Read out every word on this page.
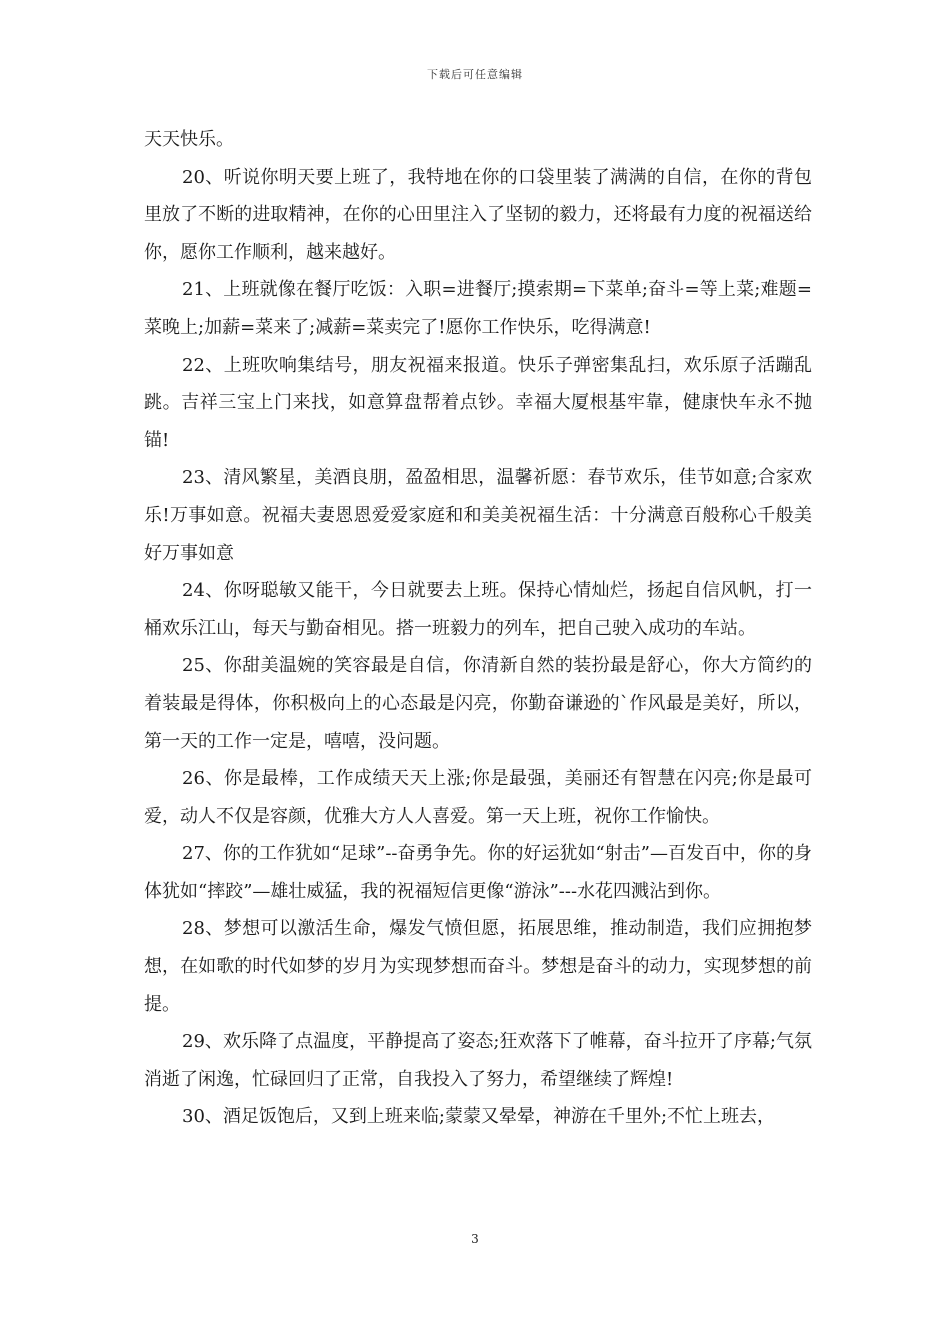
下载后可任意编辑

天天快乐。

20、听说你明天要上班了，我特地在你的口袋里装了满满的自信，在你的背包里放了不断的进取精神，在你的心田里注入了坚韧的毅力，还将最有力度的祝福送给你，愿你工作顺利，越来越好。

21、上班就像在餐厅吃饭：入职=进餐厅;摸索期=下菜单;奋斗=等上菜;难题=菜晚上;加薪=菜来了;减薪=菜卖完了!愿你工作快乐，吃得满意!

22、上班吹响集结号，朋友祝福来报道。快乐子弹密集乱扫，欢乐原子活蹦乱跳。吉祥三宝上门来找，如意算盘帮着点钞。幸福大厦根基牢靠，健康快车永不抛锚!

23、清风繁星，美酒良朋，盈盈相思，温馨祈愿：春节欢乐，佳节如意;合家欢乐!万事如意。祝福夫妻恩恩爱爱家庭和和美美祝福生活：十分满意百般称心千般美好万事如意

24、你呀聪敏又能干，今日就要去上班。保持心情灿烂，扬起自信风帆，打一桶欢乐江山，每天与勤奋相见。搭一班毅力的列车，把自己驶入成功的车站。

25、你甜美温婉的笑容最是自信，你清新自然的装扮最是舒心，你大方简约的着装最是得体，你积极向上的心态最是闪亮，你勤奋谦逊的`作风最是美好，所以，第一天的工作一定是，嘻嘻，没问题。

26、你是最棒，工作成绩天天上涨;你是最强，美丽还有智慧在闪亮;你是最可爱，动人不仅是容颜，优雅大方人人喜爱。第一天上班，祝你工作愉快。

27、你的工作犹如“足球”--奋勇争先。你的好运犹如“射击”—百发百中，你的身体犹如“摔跤”—雄壮威猛，我的祝福短信更像“游泳”---水花四溅沾到你。

28、梦想可以激活生命，爆发气愤但愿，拓展思维，推动制造，我们应拥抱梦想，在如歌的时代如梦的岁月为实现梦想而奋斗。梦想是奋斗的动力，实现梦想的前提。

29、欢乐降了点温度，平静提高了姿态;狂欢落下了帷幕，奋斗拉开了序幕;气氛消逝了闲逸，忙碌回归了正常，自我投入了努力，希望继续了辉煌!

30、酒足饭饱后，又到上班来临;蒙蒙又晕晕，神游在千里外;不忙上班去，

3
